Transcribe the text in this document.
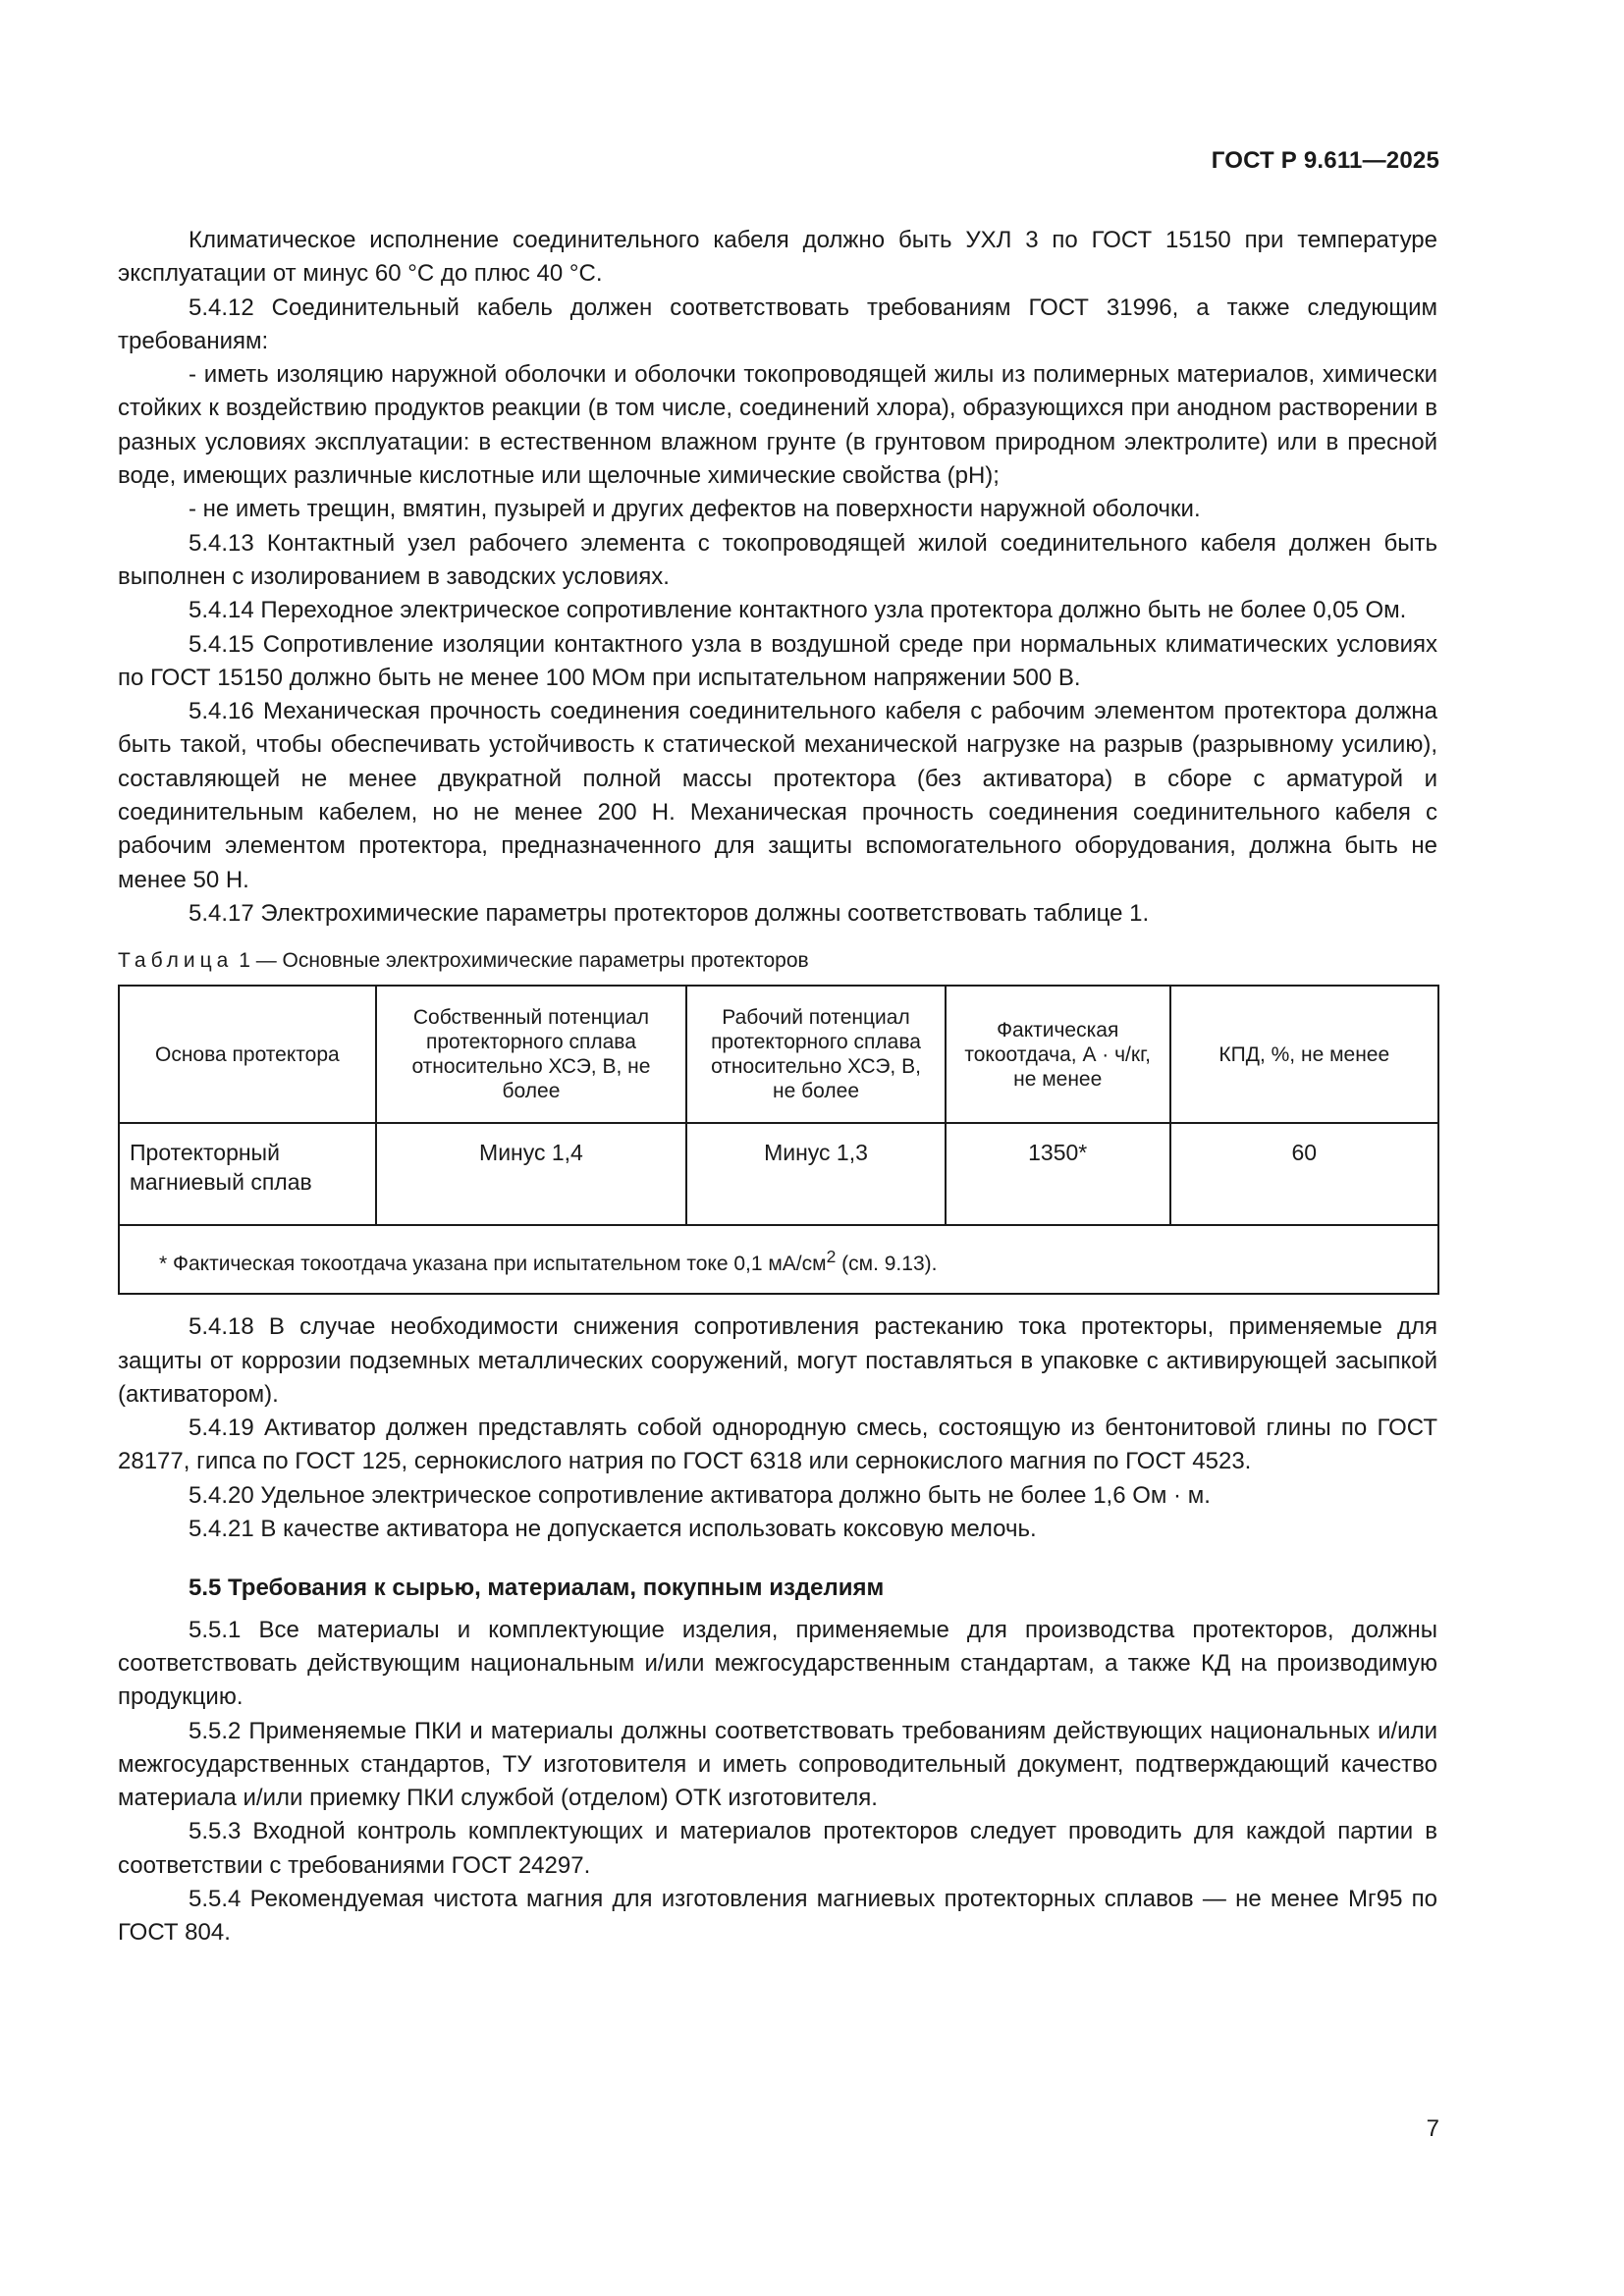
ГОСТ Р 9.611—2025

Климатическое исполнение соединительного кабеля должно быть УХЛ 3 по ГОСТ 15150 при температуре эксплуатации от минус 60 °С до плюс 40 °С.

5.4.12 Соединительный кабель должен соответствовать требованиям ГОСТ 31996, а также следующим требованиям:

- иметь изоляцию наружной оболочки и оболочки токопроводящей жилы из полимерных материалов, химически стойких к воздействию продуктов реакции (в том числе, соединений хлора), образующихся при анодном растворении в разных условиях эксплуатации: в естественном влажном грунте (в грунтовом природном электролите) или в пресной воде, имеющих различные кислотные или щелочные химические свойства (pH);

- не иметь трещин, вмятин, пузырей и других дефектов на поверхности наружной оболочки.

5.4.13 Контактный узел рабочего элемента с токопроводящей жилой соединительного кабеля должен быть выполнен с изолированием в заводских условиях.

5.4.14 Переходное электрическое сопротивление контактного узла протектора должно быть не более 0,05 Ом.

5.4.15 Сопротивление изоляции контактного узла в воздушной среде при нормальных климатических условиях по ГОСТ 15150 должно быть не менее 100 МОм при испытательном напряжении 500 В.

5.4.16 Механическая прочность соединения соединительного кабеля с рабочим элементом протектора должна быть такой, чтобы обеспечивать устойчивость к статической механической нагрузке на разрыв (разрывному усилию), составляющей не менее двукратной полной массы протектора (без активатора) в сборе с арматурой и соединительным кабелем, но не менее 200 Н. Механическая прочность соединения соединительного кабеля с рабочим элементом протектора, предназначенного для защиты вспомогательного оборудования, должна быть не менее 50 Н.

5.4.17 Электрохимические параметры протекторов должны соответствовать таблице 1.

Таблица 1 — Основные электрохимические параметры протекторов
Основа протектора	Собственный потенциал протекторного сплава относительно ХСЭ, В, не более	Рабочий потенциал протекторного сплава относительно ХСЭ, В, не более	Фактическая токоотдача, А · ч/кг, не менее	КПД, %, не менее
Протекторный магниевый сплав	Минус 1,4	Минус 1,3	1350*	60
* Фактическая токоотдача указана при испытательном токе 0,1 $мА/см^2$ (см. 9.13).				

5.4.18 В случае необходимости снижения сопротивления растеканию тока протекторы, применяемые для защиты от коррозии подземных металлических сооружений, могут поставляться в упаковке с активирующей засыпкой (активатором).

5.4.19 Активатор должен представлять собой однородную смесь, состоящую из бентонитовой глины по ГОСТ 28177, гипса по ГОСТ 125, сернокислого натрия по ГОСТ 6318 или сернокислого магния по ГОСТ 4523.

5.4.20 Удельное электрическое сопротивление активатора должно быть не более 1,6 Ом · м.

5.4.21 В качестве активатора не допускается использовать коксовую мелочь.

5.5 Требования к сырью, материалам, покупным изделиям

5.5.1 Все материалы и комплектующие изделия, применяемые для производства протекторов, должны соответствовать действующим национальным и/или межгосударственным стандартам, а также КД на производимую продукцию.

5.5.2 Применяемые ПКИ и материалы должны соответствовать требованиям действующих национальных и/или межгосударственных стандартов, ТУ изготовителя и иметь сопроводительный документ, подтверждающий качество материала и/или приемку ПКИ службой (отделом) ОТК изготовителя.

5.5.3 Входной контроль комплектующих и материалов протекторов следует проводить для каждой партии в соответствии с требованиями ГОСТ 24297.

5.5.4 Рекомендуемая чистота магния для изготовления магниевых протекторных сплавов — не менее Мг95 по ГОСТ 804.

7
